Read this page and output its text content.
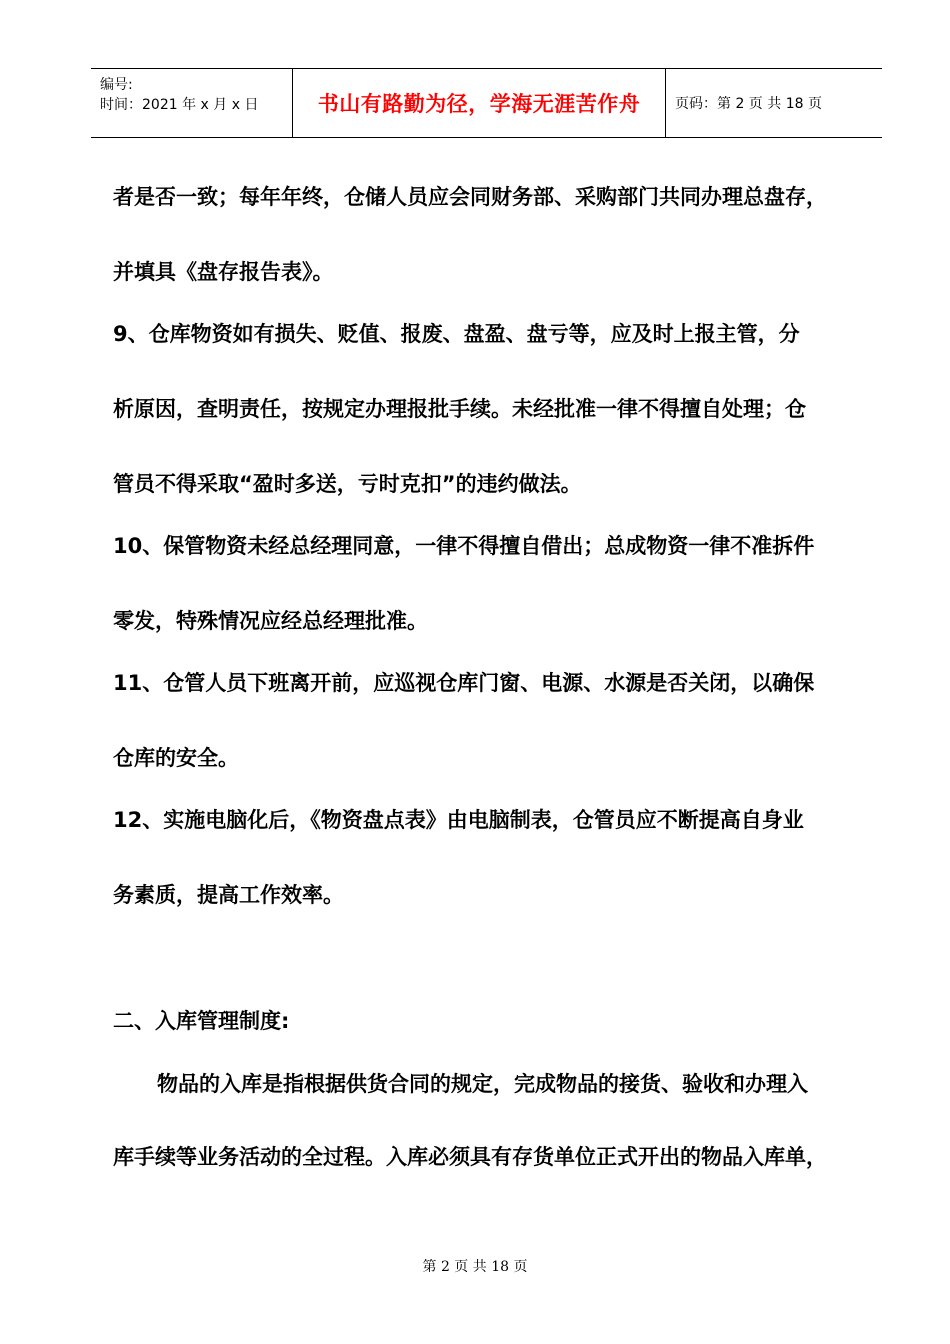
编号:
时间：2021 年 x 月 x 日	书山有路勤为径，学海无涯苦作舟 页码：第 2 页 共 18 页
者是否一致；每年年终，仓储人员应会同财务部、采购部门共同办理总盘存，
并填具《盘存报告表》。
9、仓库物资如有损失、贬值、报废、盘盈、盘亏等，应及时上报主管，分
析原因，查明责任，按规定办理报批手续。未经批准一律不得擅自处理；仓
管员不得采取“盈时多送，亏时克扣”的违约做法。
10、保管物资未经总经理同意，一律不得擅自借出；总成物资一律不准拆件
零发，特殊情况应经总经理批准。
11、仓管人员下班离开前，应巡视仓库门窗、电源、水源是否关闭，以确保
仓库的安全。
12、实施电脑化后，《物资盘点表》由电脑制表，仓管员应不断提高自身业
务素质，提高工作效率。
二、入库管理制度:
物品的入库是指根据供货合同的规定，完成物品的接货、验收和办理入
库手续等业务活动的全过程。入库必须具有存货单位正式开出的物品入库单，
第 2 页 共 18 页
